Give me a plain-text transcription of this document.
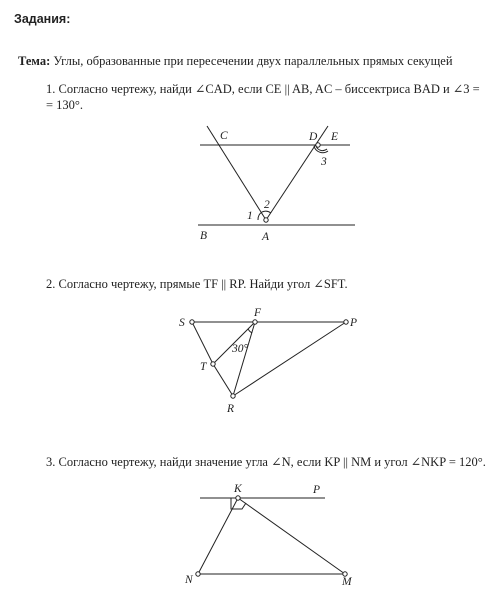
Задания:
Тема: Углы, образованные при пересечении двух параллельных прямых секущей
1. Согласно чертежу, найди ∠CAD, если CE || AB, AC – биссектриса BAD и ∠3 =
= 130°.
C	D E
B	A
1
2
3
2. Согласно чертежу, прямые TF || RP. Найди угол ∠SFT.
S
F
P
T
R
30°
3. Согласно чертежу, найди значение угла ∠N, если KP || NM и угол ∠NKP = 120°.
K	P
N	M
